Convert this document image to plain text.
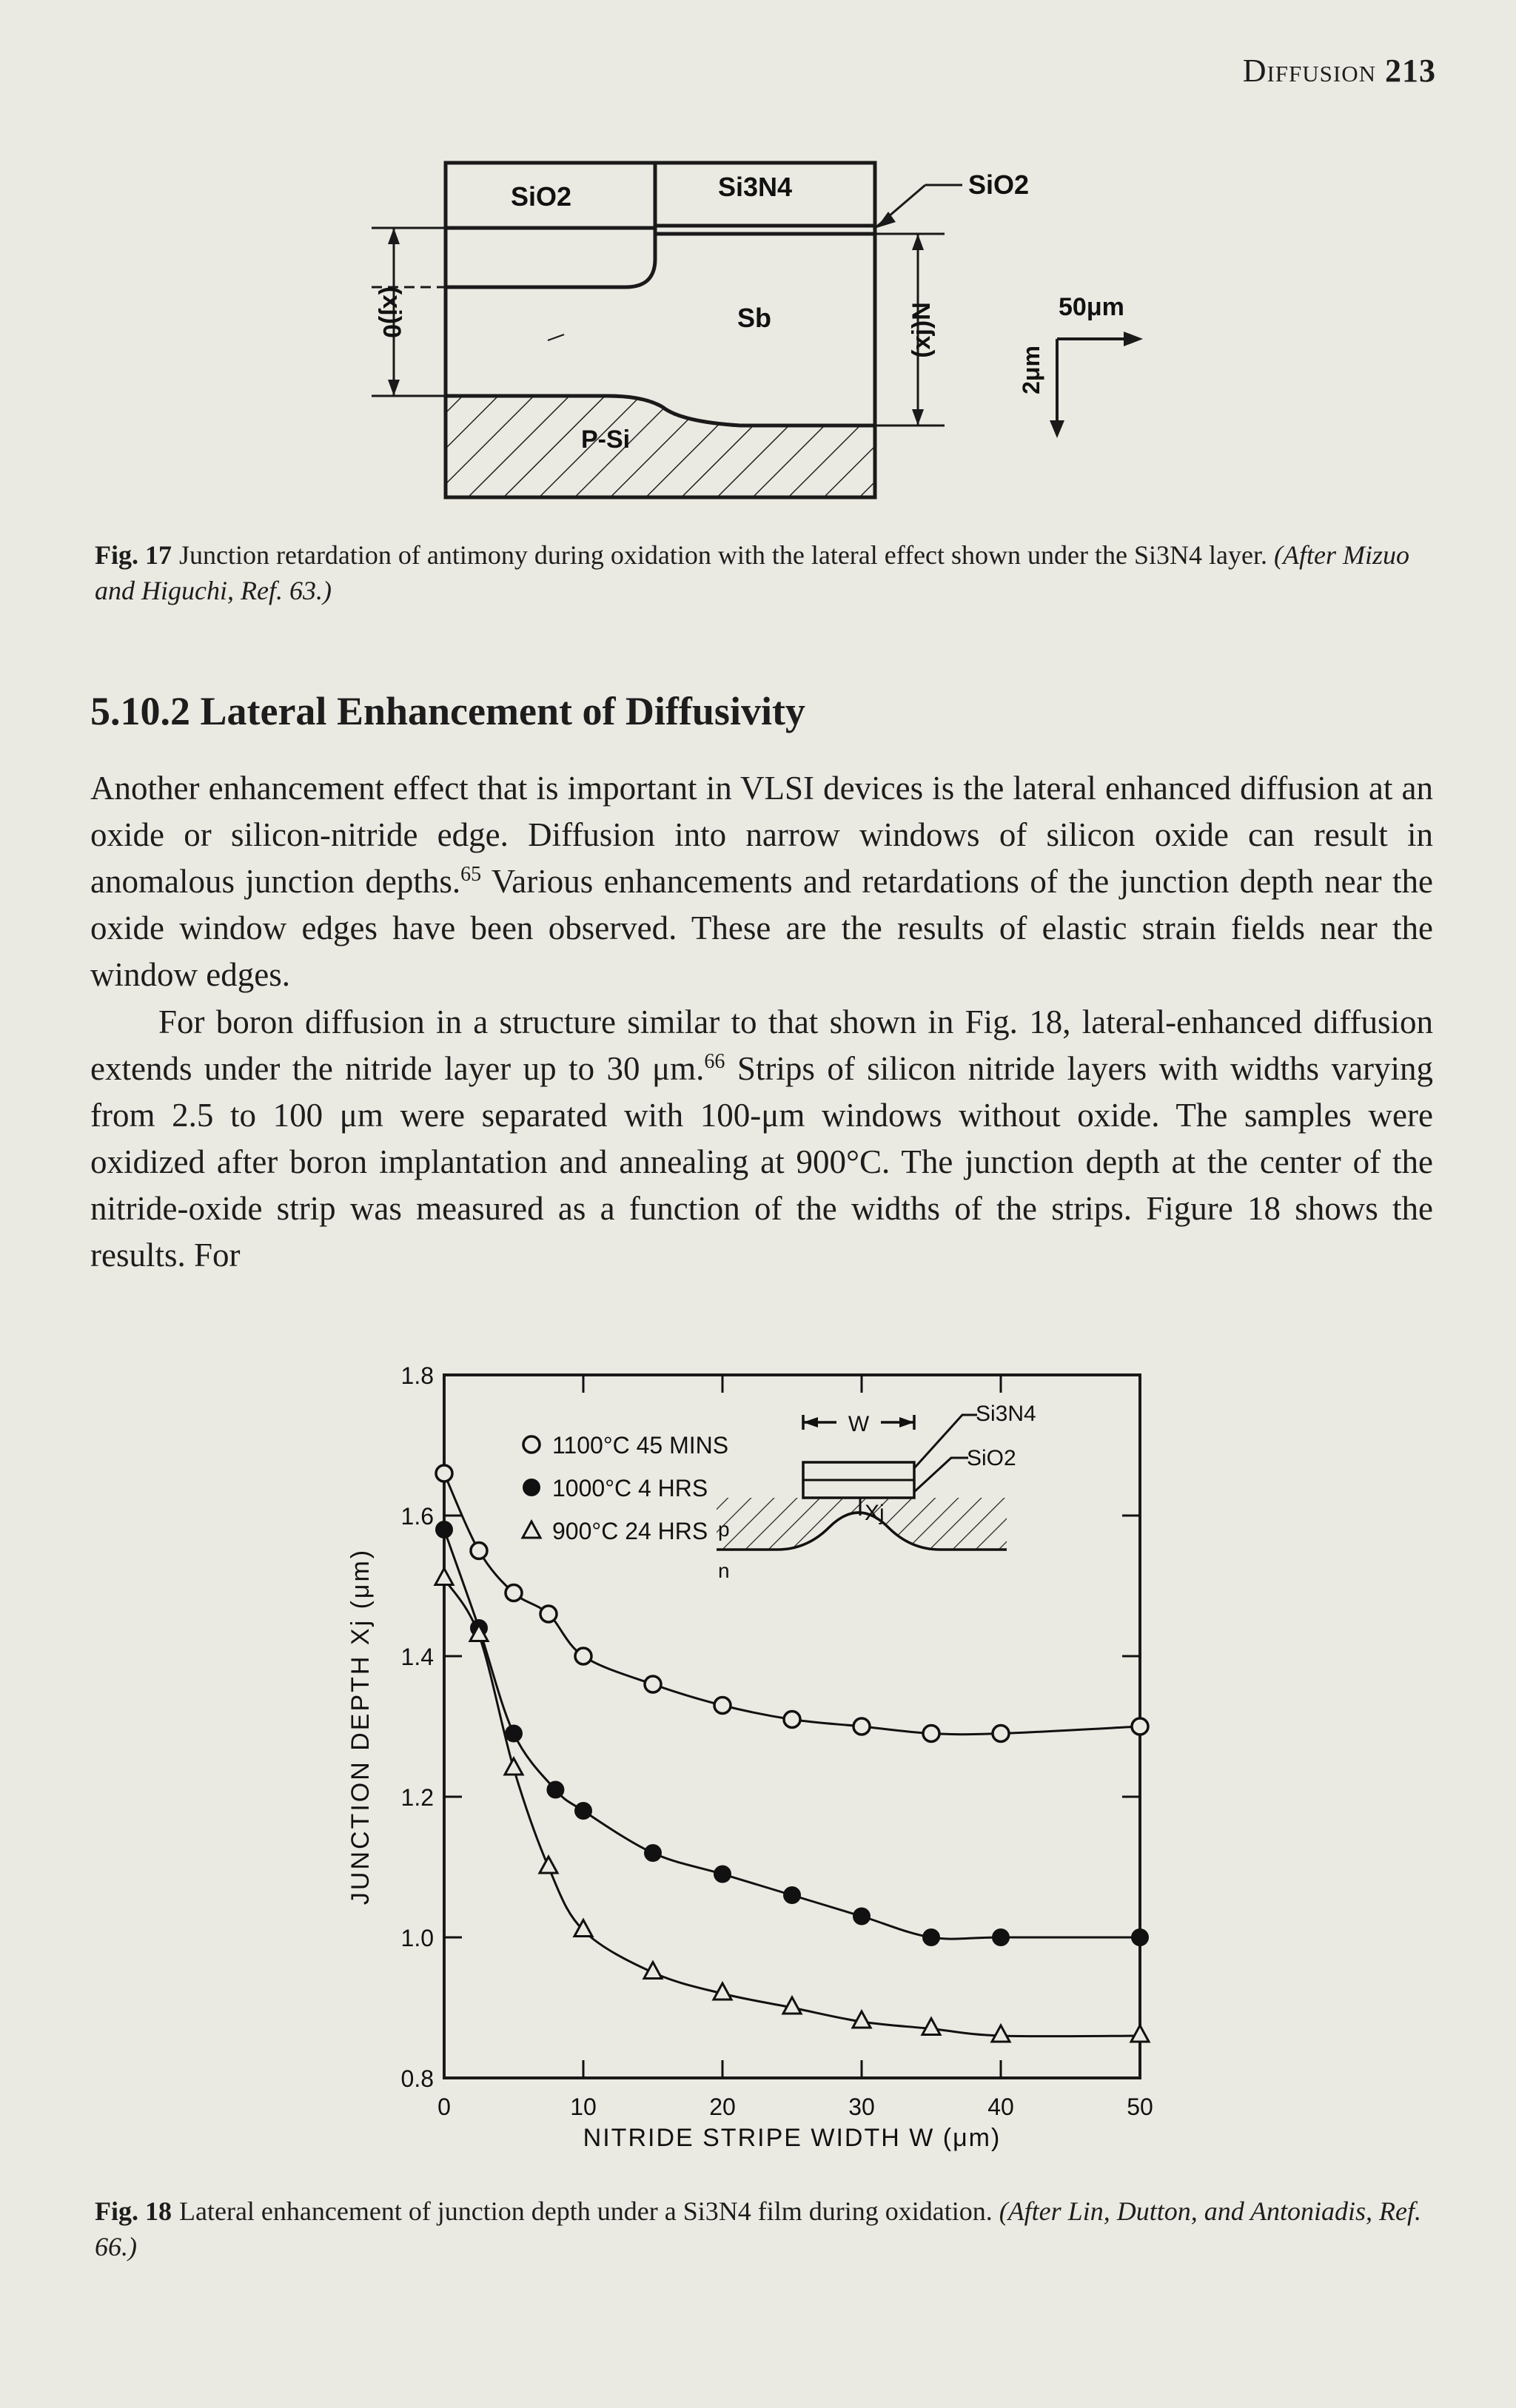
Diffusion 213
SiO2	Si3N4	SiO2
Sb
P-Si
(xj)0	(xj)N	50μm
2μm
Fig. 17 Junction retardation of antimony during oxidation with the lateral effect shown under the Si3N4 layer. (After Mizuo and Higuchi, Ref. 63.)
5.10.2 Lateral Enhancement of Diffusivity
Another enhancement effect that is important in VLSI devices is the lateral enhanced diffusion at an oxide or silicon-nitride edge. Diffusion into narrow windows of silicon oxide can result in anomalous junction depths.$^{65}$ Various enhancements and retardations of the junction depth near the oxide window edges have been observed. These are the results of elastic strain fields near the window edges.
For boron diffusion in a structure similar to that shown in Fig. 18, lateral-enhanced diffusion extends under the nitride layer up to 30 μm.$^{66}$ Strips of silicon nitride layers with widths varying from 2.5 to 100 μm were separated with 100-μm windows without oxide. The samples were oxidized after boron implantation and annealing at 900°C. The junction depth at the center of the nitride-oxide strip was measured as a function of the widths of the strips. Figure 18 shows the results. For
0	10	20	30	40	50
0.8
1.0
1.2
1.4
1.6
1.8
NITRIDE STRIPE WIDTH W (μm)
JUNCTION DEPTH Xj (μm)
1100°C 45 MINS
1000°C 4 HRS
900°C 24 HRS
W
Xj
p
n
Si3N4
SiO2
Fig. 18 Lateral enhancement of junction depth under a Si3N4 film during oxidation. (After Lin, Dutton, and Antoniadis, Ref. 66.)
